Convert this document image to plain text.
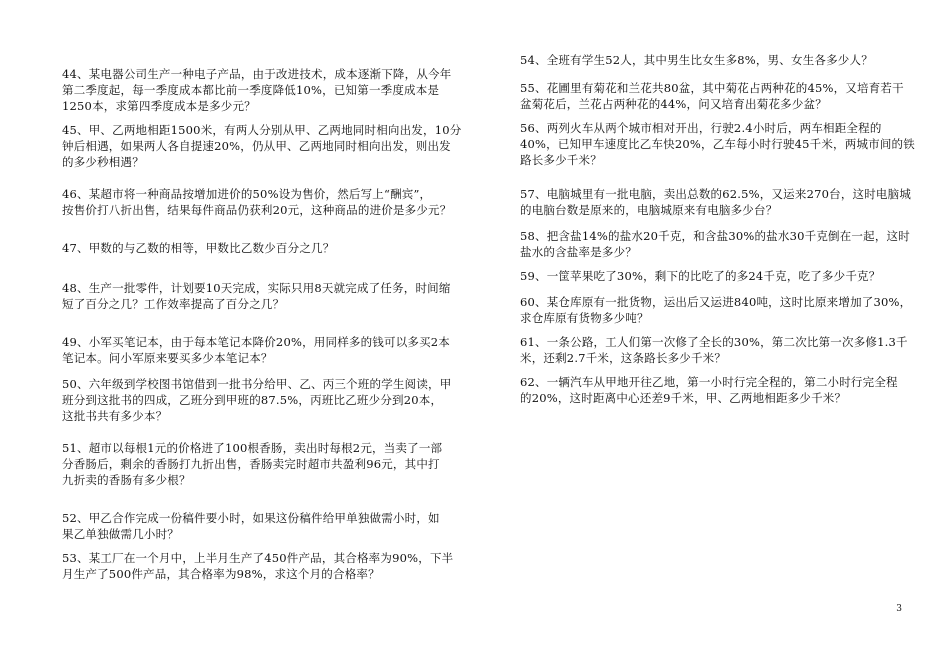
44、某电器公司生产一种电子产品，由于改进技术，成本逐渐下降，从今年
第二季度起，每一季度成本都比前一季度降低10%，已知第一季度成本是
1250本，求第四季度成本是多少元？
45、甲、乙两地相距1500米，有两人分别从甲、乙两地同时相向出发，10分
钟后相遇，如果两人各自提速20%，仍从甲、乙两地同时相向出发，则出发
的多少秒相遇？
46、某超市将一种商品按增加进价的50%设为售价，然后写上“酬宾”，
按售价打八折出售，结果每件商品仍获利20元，这种商品的进价是多少元？
47、甲数的与乙数的相等，甲数比乙数少百分之几？
48、生产一批零件，计划要10天完成，实际只用8天就完成了任务，时间缩
短了百分之几？工作效率提高了百分之几？
49、小军买笔记本，由于每本笔记本降价20%，用同样多的钱可以多买2本
笔记本。问小军原来要买多少本笔记本？
50、六年级到学校图书馆借到一批书分给甲、乙、丙三个班的学生阅读，甲
班分到这批书的四成，乙班分到甲班的87.5%，丙班比乙班少分到20本，
这批书共有多少本？
51、超市以每根1元的价格进了100根香肠，卖出时每根2元，当卖了一部
分香肠后，剩余的香肠打九折出售，香肠卖完时超市共盈利96元，其中打
九折卖的香肠有多少根？
52、甲乙合作完成一份稿件要小时，如果这份稿件给甲单独做需小时，如
果乙单独做需几小时？
53、某工厂在一个月中，上半月生产了450件产品，其合格率为90%，下半
月生产了500件产品，其合格率为98%，求这个月的合格率？
54、全班有学生52人，其中男生比女生多8%，男、女生各多少人？
55、花圃里有菊花和兰花共80盆，其中菊花占两种花的45%，又培育若干
盆菊花后，兰花占两种花的44%，问又培育出菊花多少盆？
56、两列火车从两个城市相对开出，行驶2.4小时后，两车相距全程的
40%，已知甲车速度比乙车快20%，乙车每小时行驶45千米，两城市间的铁
路长多少千米？
57、电脑城里有一批电脑，卖出总数的62.5%，又运来270台，这时电脑城
的电脑台数是原来的，电脑城原来有电脑多少台？
58、把含盐14%的盐水20千克，和含盐30%的盐水30千克倒在一起，这时
盐水的含盐率是多少？
59、一筐苹果吃了30%，剩下的比吃了的多24千克，吃了多少千克？
60、某仓库原有一批货物，运出后又运进840吨，这时比原来增加了30%，
求仓库原有货物多少吨？
61、一条公路，工人们第一次修了全长的30%，第二次比第一次多修1.3千
米，还剩2.7千米，这条路长多少千米？
62、一辆汽车从甲地开往乙地，第一小时行完全程的，第二小时行完全程
的20%，这时距离中心还差9千米，甲、乙两地相距多少千米？
3
